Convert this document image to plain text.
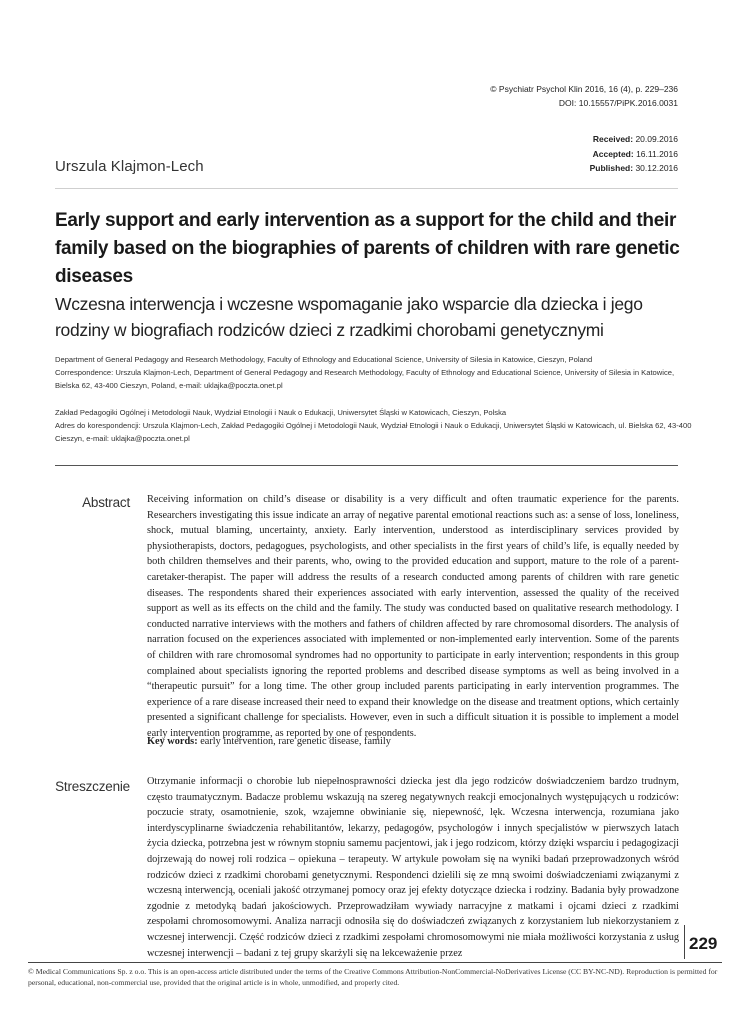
© Psychiatr Psychol Klin 2016, 16 (4), p. 229–236
DOI: 10.15557/PiPK.2016.0031
Received: 20.09.2016
Accepted: 16.11.2016
Published: 30.12.2016
Urszula Klajmon-Lech
Early support and early intervention as a support for the child and their family based on the biographies of parents of children with rare genetic diseases
Wczesna interwencja i wczesne wspomaganie jako wsparcie dla dziecka i jego rodziny w biografiach rodziców dzieci z rzadkimi chorobami genetycznymi

Department of General Pedagogy and Research Methodology, Faculty of Ethnology and Educational Science, University of Silesia in Katowice, Cieszyn, Poland

Correspondence: Urszula Klajmon-Lech, Department of General Pedagogy and Research Methodology, Faculty of Ethnology and Educational Science, University of Silesia in Katowice, Bielska 62, 43-400 Cieszyn, Poland, e-mail: uklajka@poczta.onet.pl

Zakład Pedagogiki Ogólnej i Metodologii Nauk, Wydział Etnologii i Nauk o Edukacji, Uniwersytet Śląski w Katowicach, Cieszyn, Polska

Adres do korespondencji: Urszula Klajmon-Lech, Zakład Pedagogiki Ogólnej i Metodologii Nauk, Wydział Etnologii i Nauk o Edukacji, Uniwersytet Śląski w Katowicach, ul. Bielska 62, 43-400 Cieszyn, e-mail: uklajka@poczta.onet.pl

Abstract Receiving information on child’s disease or disability is a very difficult and often traumatic experience for the parents. Researchers investigating this issue indicate an array of negative parental emotional reactions such as: a sense of loss, loneliness, shock, mutual blaming, uncertainty, anxiety. Early intervention, understood as interdisciplinary services provided by physiotherapists, doctors, pedagogues, psychologists, and other specialists in the first years of child’s life, is equally needed by both children themselves and their parents, who, owing to the provided education and support, mature to the role of a parent-caretaker-therapist. The paper will address the results of a research conducted among parents of children with rare genetic diseases. The respondents shared their experiences associated with early intervention, assessed the quality of the received support as well as its effects on the child and the family. The study was conducted based on qualitative research methodology. I conducted narrative interviews with the mothers and fathers of children affected by rare chromosomal disorders. The analysis of narration focused on the experiences associated with implemented or non-implemented early intervention. Some of the parents of children with rare chromosomal syndromes had no opportunity to participate in early intervention; respondents in this group complained about specialists ignoring the reported problems and described disease symptoms as well as being involved in a “therapeutic pursuit” for a long time. The other group included parents participating in early intervention programmes. The experience of a rare disease increased their need to expand their knowledge on the disease and treatment options, which certainly presented a significant challenge for specialists. However, even in such a difficult situation it is possible to implement a model early intervention programme, as reported by one of respondents.
Key words: early intervention, rare genetic disease, family
Streszczenie Otrzymanie informacji o chorobie lub niepełnosprawności dziecka jest dla jego rodziców doświadczeniem bardzo trudnym, często traumatycznym. Badacze problemu wskazują na szereg negatywnych reakcji emocjonalnych występujących u rodziców: poczucie straty, osamotnienie, szok, wzajemne obwinianie się, niepewność, lęk. Wczesna interwencja, rozumiana jako interdyscyplinarne świadczenia rehabilitantów, lekarzy, pedagogów, psychologów i innych specjalistów w pierwszych latach życia dziecka, potrzebna jest w równym stopniu samemu pacjentowi, jak i jego rodzicom, którzy dzięki wsparciu i pedagogizacji dojrzewają do nowej roli rodzica – opiekuna – terapeuty. W artykule powołam się na wyniki badań przeprowadzonych wśród rodziców dzieci z rzadkimi chorobami genetycznymi. Respondenci dzielili się ze mną swoimi doświadczeniami związanymi z wczesną interwencją, oceniali jakość otrzymanej pomocy oraz jej efekty dotyczące dziecka i rodziny. Badania były prowadzone zgodnie z metodyką badań jakościowych. Przeprowadziłam wywiady narracyjne z matkami i ojcami dzieci z rzadkimi zespołami chromosomowymi. Analiza narracji odnosiła się do doświadczeń związanych z korzystaniem lub niekorzystaniem z wczesnej interwencji. Część rodziców dzieci z rzadkimi zespołami chromosomowymi nie miała możliwości korzystania z usług wczesnej interwencji – badani z tej grupy skarżyli się na lekceważenie przez
229
© Medical Communications Sp. z o.o. This is an open-access article distributed under the terms of the Creative Commons Attribution-NonCommercial-NoDerivatives License (CC BY-NC-ND). Reproduction is permitted for personal, educational, non-commercial use, provided that the original article is in whole, unmodified, and properly cited.
